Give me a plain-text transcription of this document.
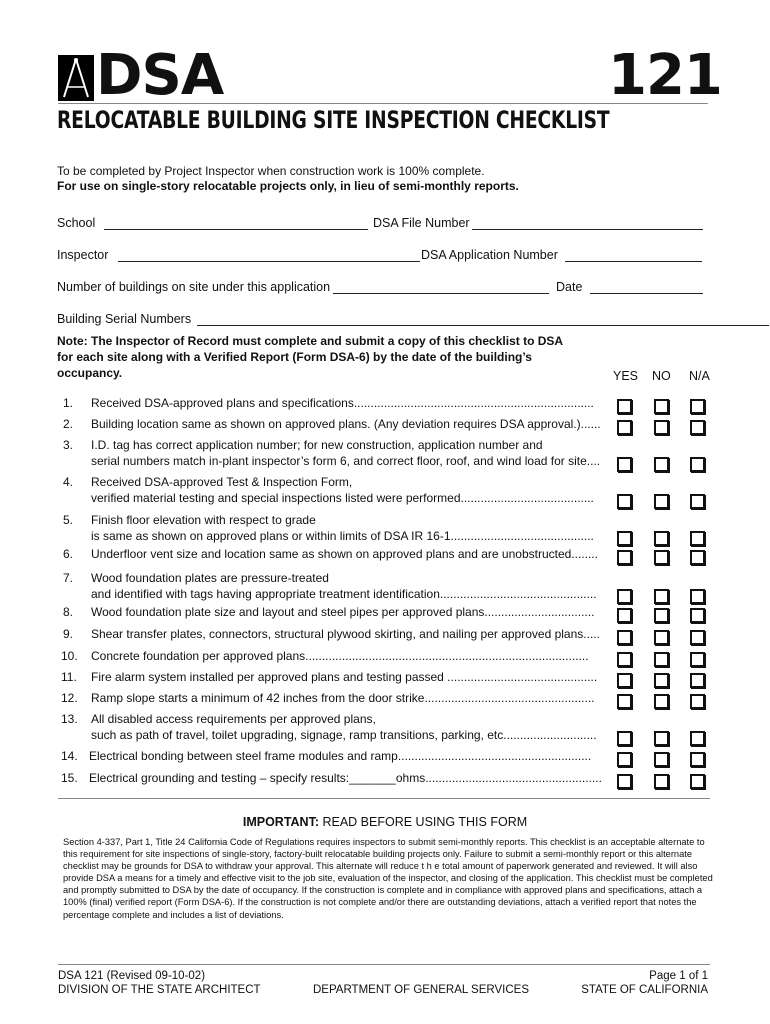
DSA	121
RELOCATABLE BUILDING SITE INSPECTION CHECKLIST
To be completed by Project Inspector when construction work is 100% complete.
For use on single-story relocatable projects only, in lieu of semi-monthly reports.
School	DSA File Number
Inspector	DSA Application Number
Number of buildings on site under this application	Date
Building Serial Numbers
Note: The Inspector of Record must complete and submit a copy of this checklist to DSA for each site along with a Verified Report (Form DSA-6) by the date of the building’s occupancy.	YES NO N/A
1. Received DSA-approved plans and specifications........................................................................
2. Building location same as shown on approved plans. (Any deviation requires DSA approval.)......
3. I.D. tag has correct application number; for new construction, application number and
serial numbers match in-plant inspector’s form 6, and correct floor, roof, and wind load for site....
4. Received DSA-approved Test & Inspection Form,
verified material testing and special inspections listed were performed........................................
5. Finish floor elevation with respect to grade
is same as shown on approved plans or within limits of DSA IR 16-1...........................................
6. Underfloor vent size and location same as shown on approved plans and are unobstructed........
7. Wood foundation plates are pressure-treated
and identified with tags having appropriate treatment identification...............................................
8. Wood foundation plate size and layout and steel pipes per approved plans.................................
9. Shear transfer plates, connectors, structural plywood skirting, and nailing per approved plans.....
10. Concrete foundation per approved plans.....................................................................................
11. Fire alarm system installed per approved plans and testing passed .............................................
12. Ramp slope starts a minimum of 42 inches from the door strike...................................................
13. All disabled access requirements per approved plans,
such as path of travel, toilet upgrading, signage, ramp transitions, parking, etc............................
14. Electrical bonding between steel frame modules and ramp..........................................................
15. Electrical grounding and testing – specify results:_______ohms.....................................................
IMPORTANT: READ BEFORE USING THIS FORM
Section 4-337, Part 1, Title 24 California Code of Regulations requires inspectors to submit semi-monthly reports. This checklist is an acceptable alternate to this requirement for site inspections of single-story, factory-built relocatable building projects only. Failure to submit a semi-monthly report or this alternate checklist may be grounds for DSA to withdraw your approval. This alternate will reduce t h e total amount of paperwork generated and reviewed. It will also provide DSA a means for a timely and effective visit to the job site, evaluation of the inspector, and closing of the application. This checklist must be completed and promptly submitted to DSA by the date of occupancy. If the construction is complete and in compliance with approved plans and specifications, attach a 100% (final) verified report (Form DSA-6). If the construction is not complete and/or there are outstanding deviations, attach a verified report that notes the percentage complete and includes a list of deviations.
DSA 121 (Revised 09-10-02)
DIVISION OF THE STATE ARCHITECT	DEPARTMENT OF GENERAL SERVICES
Page 1 of 1
STATE OF CALIFORNIA
